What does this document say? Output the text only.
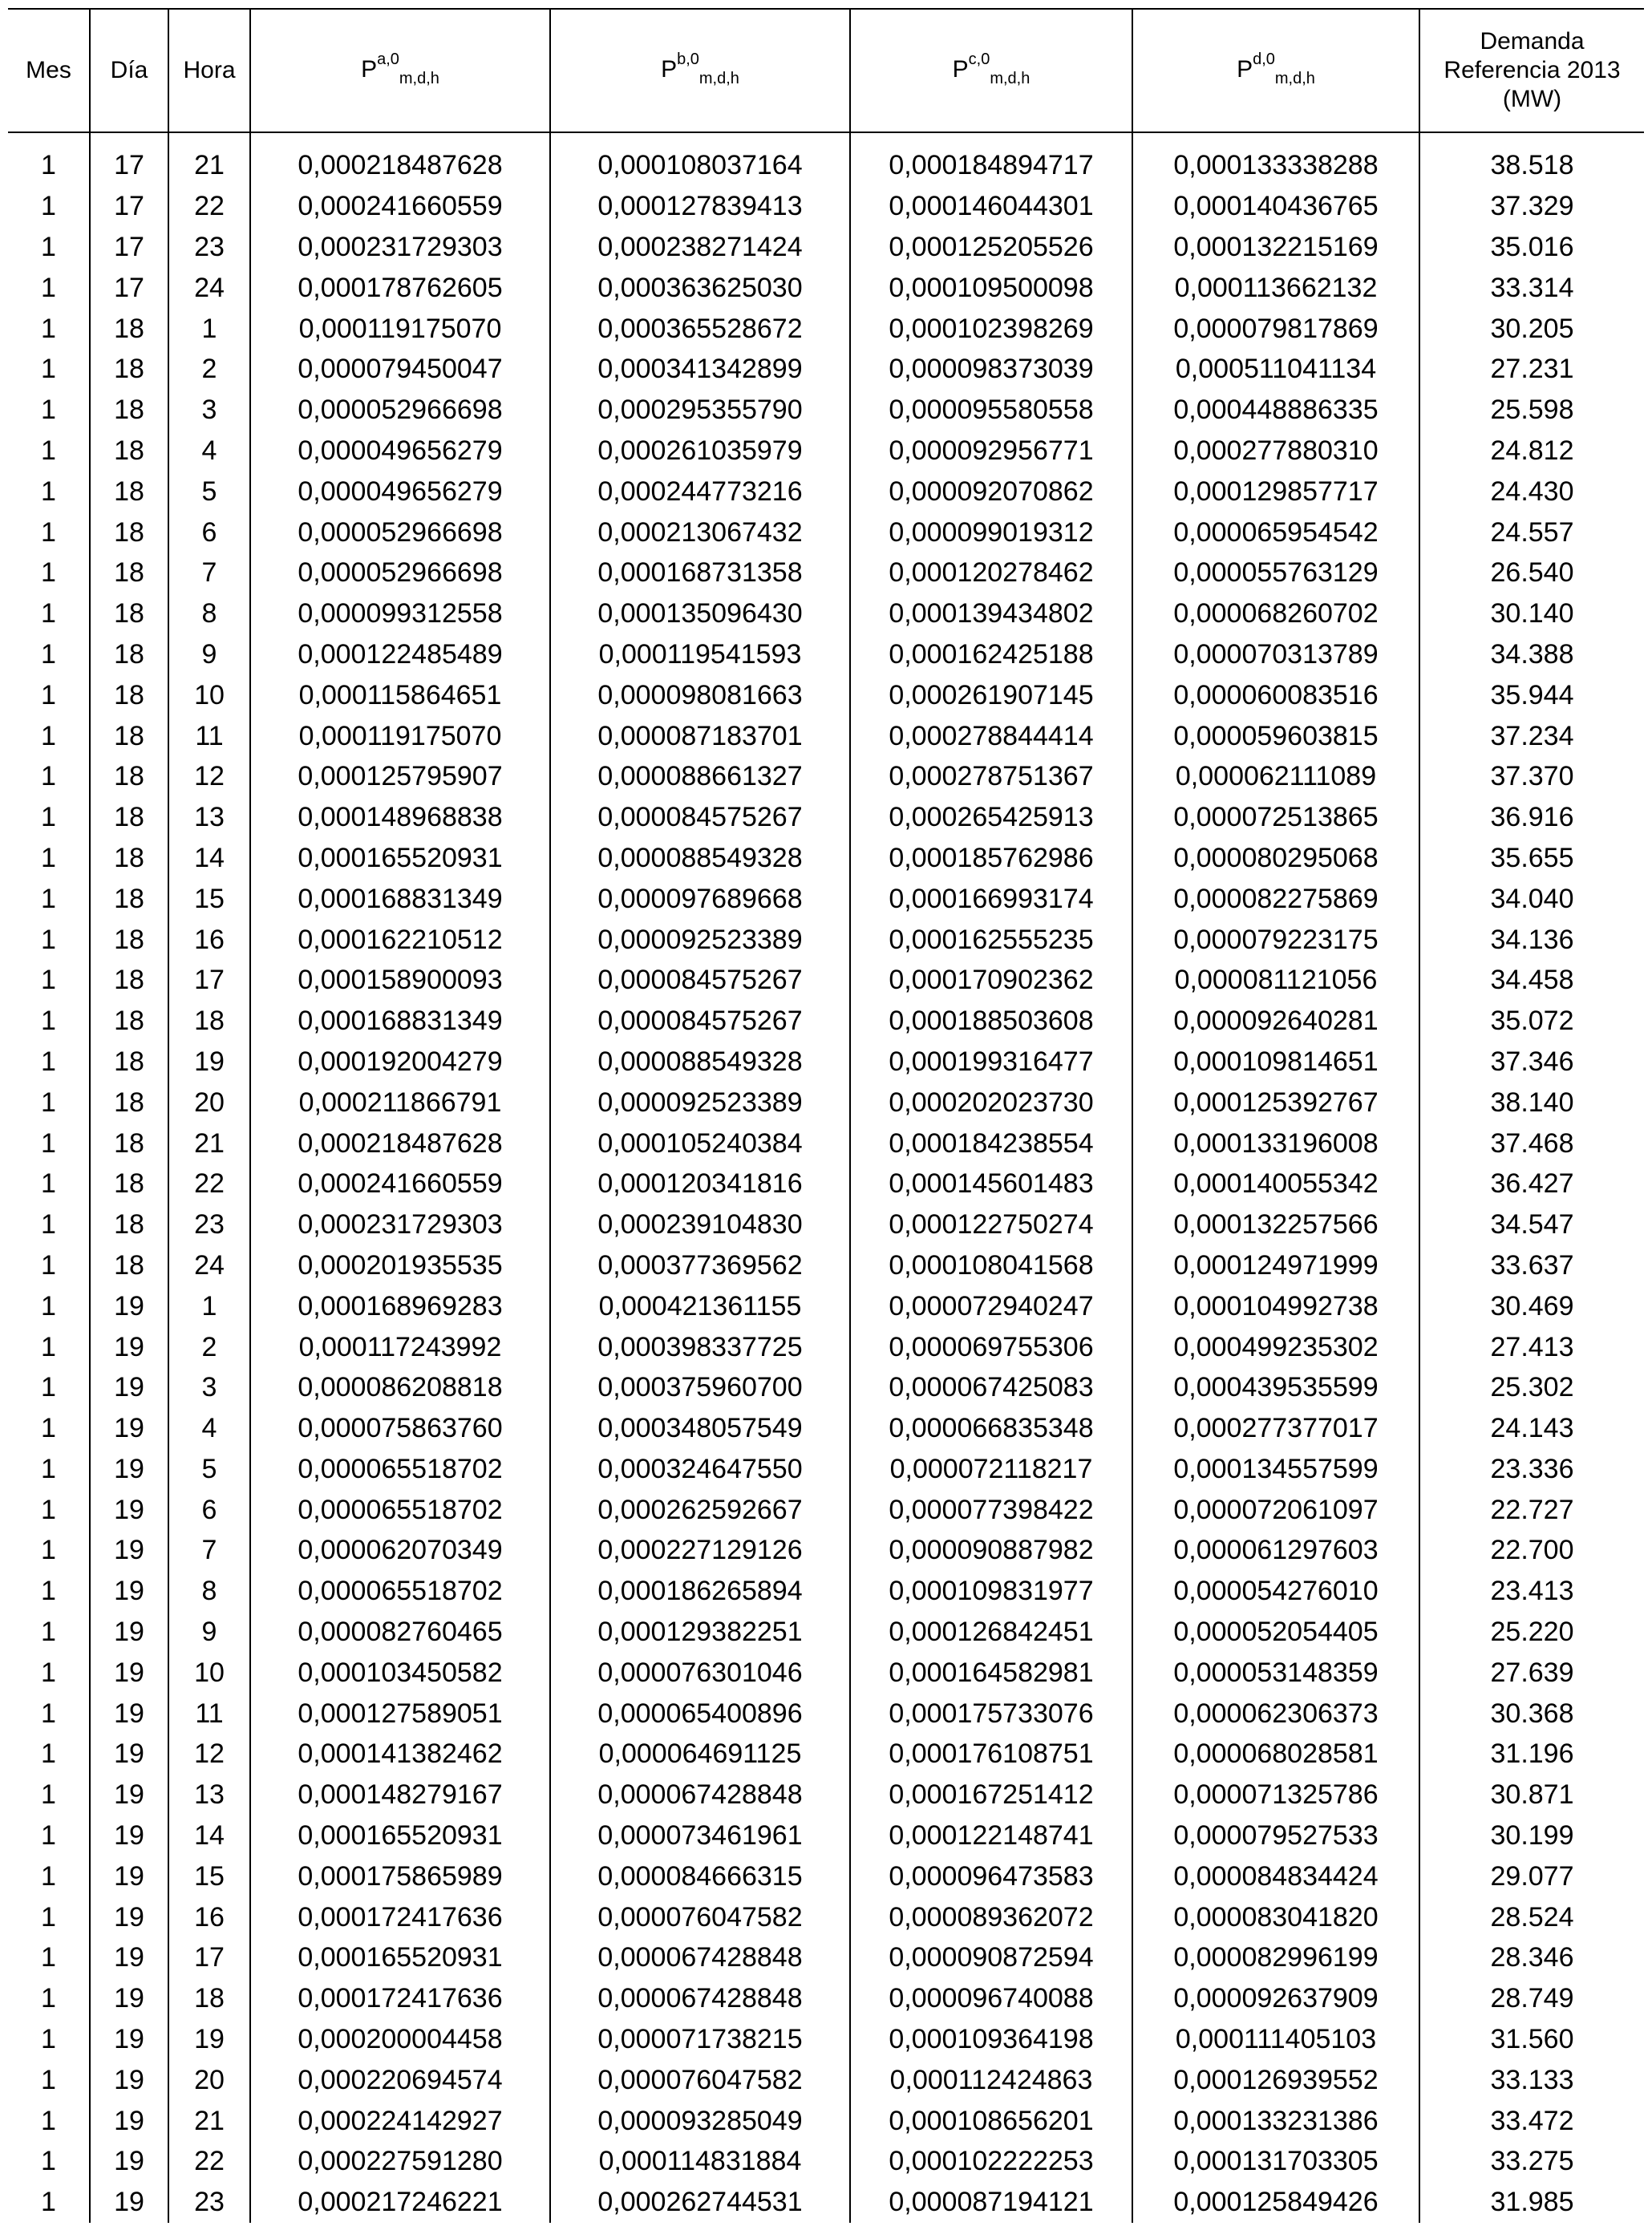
Mes	Día	Hora	P$^{a,0}_{m,d,h}$	P$^{b,0}_{m,d,h}$	P$^{c,0}_{m,d,h}$	P$^{d,0}_{m,d,h}$	Demanda
Referencia 2013
(MW)

1	17	21	0,000218487628	0,000108037164	0,000184894717	0,000133338288	38.518
1	17	22	0,000241660559	0,000127839413	0,000146044301	0,000140436765	37.329
1	17	23	0,000231729303	0,000238271424	0,000125205526	0,000132215169	35.016
1	17	24	0,000178762605	0,000363625030	0,000109500098	0,000113662132	33.314
1	18	1	0,000119175070	0,000365528672	0,000102398269	0,000079817869	30.205
1	18	2	0,000079450047	0,000341342899	0,000098373039	0,000511041134	27.231
1	18	3	0,000052966698	0,000295355790	0,000095580558	0,000448886335	25.598
1	18	4	0,000049656279	0,000261035979	0,000092956771	0,000277880310	24.812
1	18	5	0,000049656279	0,000244773216	0,000092070862	0,000129857717	24.430
1	18	6	0,000052966698	0,000213067432	0,000099019312	0,000065954542	24.557
1	18	7	0,000052966698	0,000168731358	0,000120278462	0,000055763129	26.540
1	18	8	0,000099312558	0,000135096430	0,000139434802	0,000068260702	30.140
1	18	9	0,000122485489	0,000119541593	0,000162425188	0,000070313789	34.388
1	18	10	0,000115864651	0,000098081663	0,000261907145	0,000060083516	35.944
1	18	11	0,000119175070	0,000087183701	0,000278844414	0,000059603815	37.234
1	18	12	0,000125795907	0,000088661327	0,000278751367	0,000062111089	37.370
1	18	13	0,000148968838	0,000084575267	0,000265425913	0,000072513865	36.916
1	18	14	0,000165520931	0,000088549328	0,000185762986	0,000080295068	35.655
1	18	15	0,000168831349	0,000097689668	0,000166993174	0,000082275869	34.040
1	18	16	0,000162210512	0,000092523389	0,000162555235	0,000079223175	34.136
1	18	17	0,000158900093	0,000084575267	0,000170902362	0,000081121056	34.458
1	18	18	0,000168831349	0,000084575267	0,000188503608	0,000092640281	35.072
1	18	19	0,000192004279	0,000088549328	0,000199316477	0,000109814651	37.346
1	18	20	0,000211866791	0,000092523389	0,000202023730	0,000125392767	38.140
1	18	21	0,000218487628	0,000105240384	0,000184238554	0,000133196008	37.468
1	18	22	0,000241660559	0,000120341816	0,000145601483	0,000140055342	36.427
1	18	23	0,000231729303	0,000239104830	0,000122750274	0,000132257566	34.547
1	18	24	0,000201935535	0,000377369562	0,000108041568	0,000124971999	33.637
1	19	1	0,000168969283	0,000421361155	0,000072940247	0,000104992738	30.469
1	19	2	0,000117243992	0,000398337725	0,000069755306	0,000499235302	27.413
1	19	3	0,000086208818	0,000375960700	0,000067425083	0,000439535599	25.302
1	19	4	0,000075863760	0,000348057549	0,000066835348	0,000277377017	24.143
1	19	5	0,000065518702	0,000324647550	0,000072118217	0,000134557599	23.336
1	19	6	0,000065518702	0,000262592667	0,000077398422	0,000072061097	22.727
1	19	7	0,000062070349	0,000227129126	0,000090887982	0,000061297603	22.700
1	19	8	0,000065518702	0,000186265894	0,000109831977	0,000054276010	23.413
1	19	9	0,000082760465	0,000129382251	0,000126842451	0,000052054405	25.220
1	19	10	0,000103450582	0,000076301046	0,000164582981	0,000053148359	27.639
1	19	11	0,000127589051	0,000065400896	0,000175733076	0,000062306373	30.368
1	19	12	0,000141382462	0,000064691125	0,000176108751	0,000068028581	31.196
1	19	13	0,000148279167	0,000067428848	0,000167251412	0,000071325786	30.871
1	19	14	0,000165520931	0,000073461961	0,000122148741	0,000079527533	30.199
1	19	15	0,000175865989	0,000084666315	0,000096473583	0,000084834424	29.077
1	19	16	0,000172417636	0,000076047582	0,000089362072	0,000083041820	28.524
1	19	17	0,000165520931	0,000067428848	0,000090872594	0,000082996199	28.346
1	19	18	0,000172417636	0,000067428848	0,000096740088	0,000092637909	28.749
1	19	19	0,000200004458	0,000071738215	0,000109364198	0,000111405103	31.560
1	19	20	0,000220694574	0,000076047582	0,000112424863	0,000126939552	33.133
1	19	21	0,000224142927	0,000093285049	0,000108656201	0,000133231386	33.472
1	19	22	0,000227591280	0,000114831884	0,000102222253	0,000131703305	33.275
1	19	23	0,000217246221	0,000262744531	0,000087194121	0,000125849426	31.985
